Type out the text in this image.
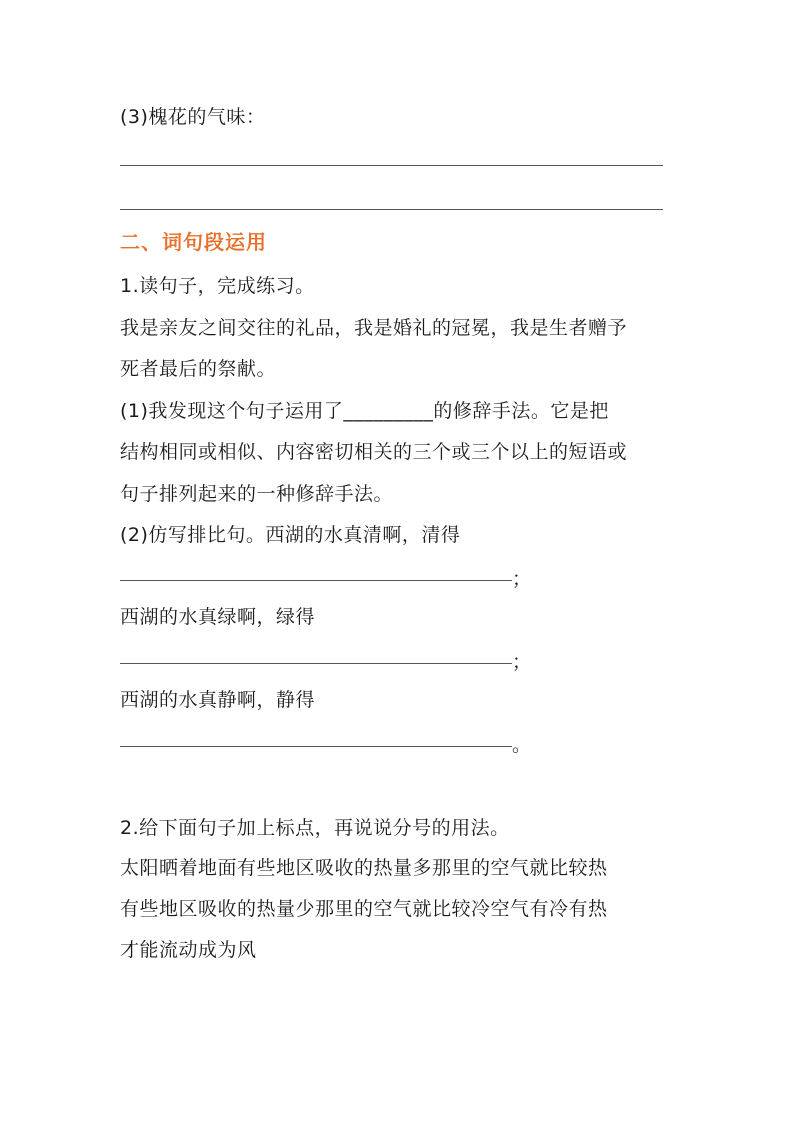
(3)槐花的气味：
二、词句段运用
1.读句子，完成练习。
我是亲友之间交往的礼品，我是婚礼的冠冕，我是生者赠予
死者最后的祭献。
(1)我发现这个句子运用了_________的修辞手法。它是把
结构相同或相似、内容密切相关的三个或三个以上的短语或
句子排列起来的一种修辞手法。
(2)仿写排比句。西湖的水真清啊，清得
；
西湖的水真绿啊，绿得
；
西湖的水真静啊，静得
。
2.给下面句子加上标点，再说说分号的用法。
太阳晒着地面有些地区吸收的热量多那里的空气就比较热
有些地区吸收的热量少那里的空气就比较冷空气有冷有热
才能流动成为风
